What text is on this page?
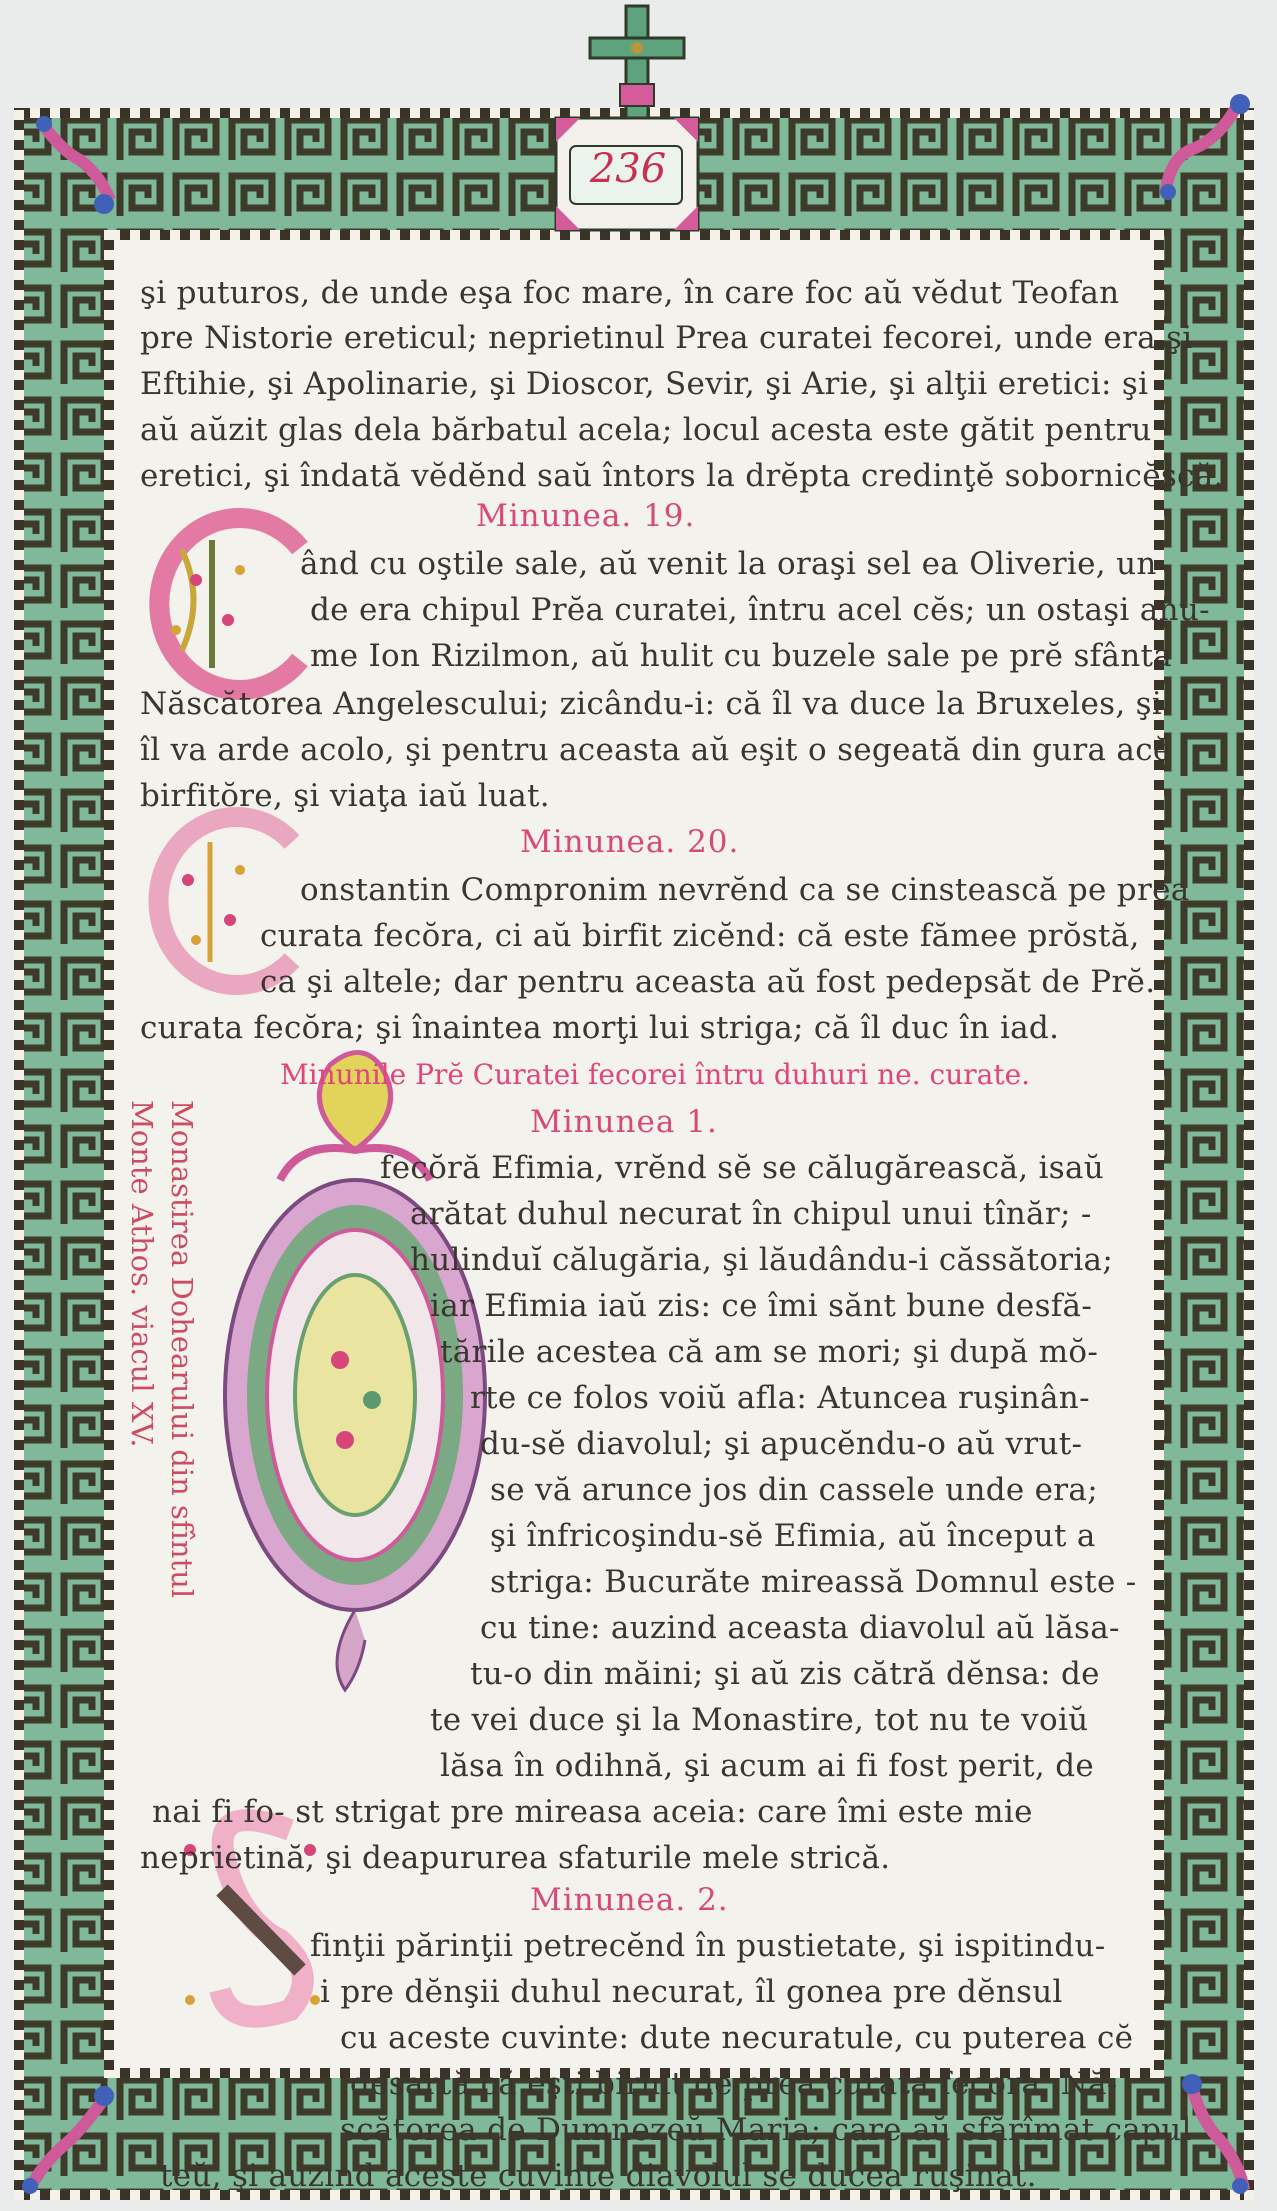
236
şi puturos, de unde eşa foc mare, în care foc aŭ vĕdut Teofan
pre Nistorie ereticul; neprietinul Prea curatei fecorei, unde era şi
Eftihie, şi Apolinarie, şi Dioscor, Sevir, şi Arie, şi alţii eretici: şi
aŭ aŭzit glas dela bărbatul acela; locul acesta este gătit pentru
eretici, şi îndată vĕdĕnd saŭ întors la drĕpta credinţĕ sobornicĕscă.
Minunea. 19.
ând cu oştile sale, aŭ venit la oraşi sel ea Oliverie, un-
de era chipul Prĕa curatei, întru acel cĕs; un ostaşi anu-
me Ion Rizilmon, aŭ hulit cu buzele sale pe prĕ sfânta
Născătorea Angelescului; zicându-i: că îl va duce la Bruxeles, şi
îl va arde acolo, şi pentru aceasta aŭ eşit o segeată din gura acĕ
birfitŏre, şi viaţa iaŭ luat.
Minunea. 20.
onstantin Compronim nevrĕnd ca se cinstească pe prea
curata fecŏra, ci aŭ birfit zicĕnd: că este fămee prŏstă,
ca şi altele; dar pentru aceasta aŭ fost pedepsăt de Prĕ.
curata fecŏra; şi înaintea morţi lui striga; că îl duc în iad.
Minunile Prĕ Curatei fecorei întru duhuri ne. curate.
Minunea 1.
fecŏră Efimia, vrĕnd sĕ se călugărească, isaŭ
arătat duhul necurat în chipul unui tînăr; -
hulinduĭ călugăria, şi lăudându-i căssătoria;
iar Efimia iaŭ zis: ce îmi sănt bune desfă-
tările acestea că am se mori; şi după mŏ-
rte ce folos voiŭ afla: Atuncea ruşinân-
du-sĕ diavolul; şi apucĕndu-o aŭ vrut-
se vă arunce jos din cassele unde era;
şi înfricoşindu-sĕ Efimia, aŭ început a
striga: Bucurăte mireassă Domnul este -
cu tine: auzind aceasta diavolul aŭ lăsa-
tu-o din măini; şi aŭ zis cătră dĕnsa: de
te vei duce şi la Monastire, tot nu te voiŭ
lăsa în odihnă, şi acum ai fi fost perit, de
nai fi fo- st strigat pre mireasa aceia: care îmi este mie
neprietină, şi deapururea sfaturile mele strică.
Minunea. 2.
finţii părinţii petrecĕnd în pustietate, şi ispitindu-
i pre dĕnşii duhul necurat, îl gonea pre dĕnsul
cu aceste cuvinte: dute necuratule, cu puterea cĕ
desartă că eşti biruit de prea curata fecora, Nă-
scătorea de Dumnezeŭ Maria; care aŭ sfărîmat capul
teŭ, şi auzind aceste cuvinte diavolul se ducea ruşinat.
Monastirea Dohearului din sfîntul
Monte Athos. viacul XV.
